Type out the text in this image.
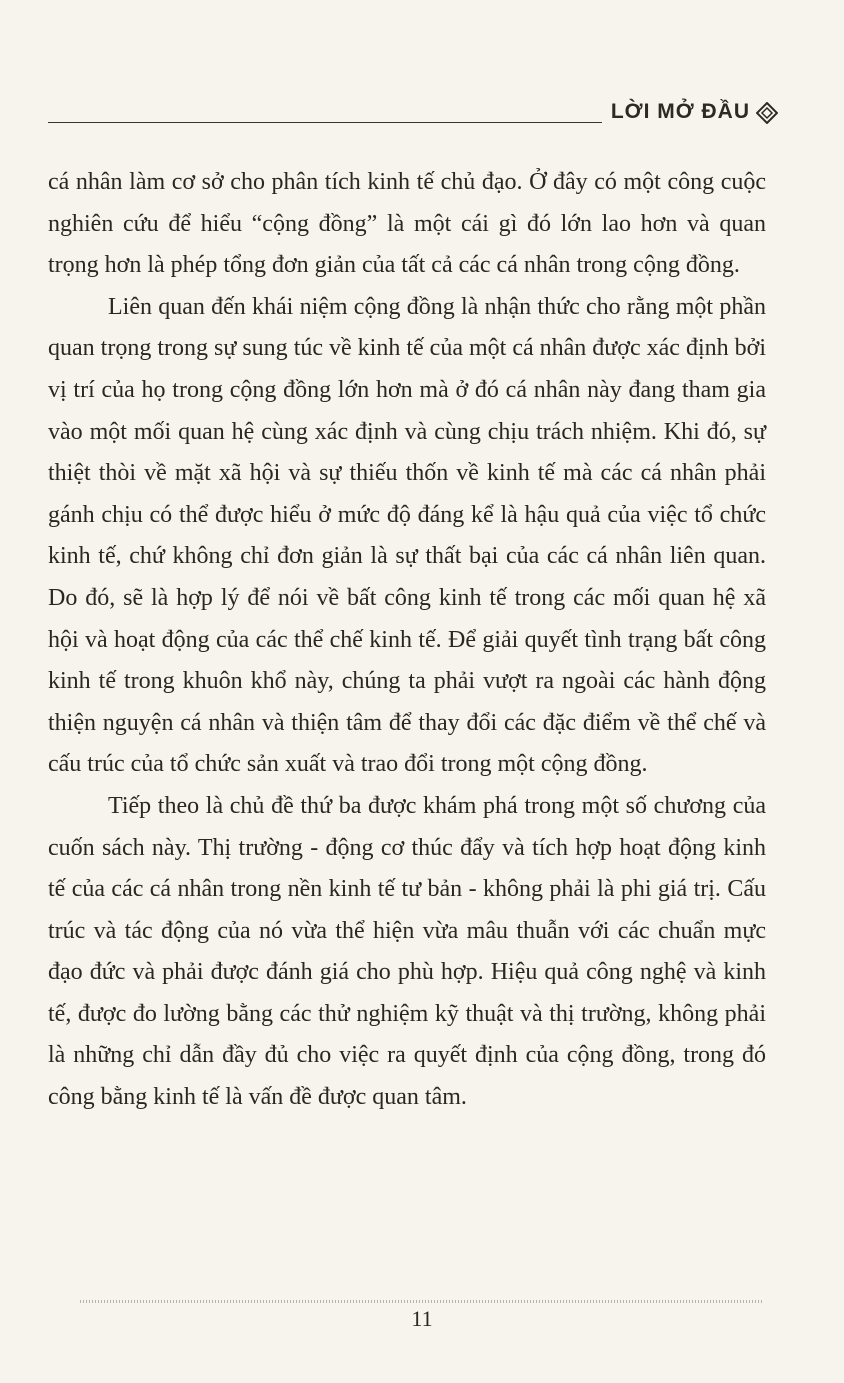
LỜI MỞ ĐẦU

cá nhân làm cơ sở cho phân tích kinh tế chủ đạo. Ở đây có một công cuộc nghiên cứu để hiểu “cộng đồng” là một cái gì đó lớn lao hơn và quan trọng hơn là phép tổng đơn giản của tất cả các cá nhân trong cộng đồng.

Liên quan đến khái niệm cộng đồng là nhận thức cho rằng một phần quan trọng trong sự sung túc về kinh tế của một cá nhân được xác định bởi vị trí của họ trong cộng đồng lớn hơn mà ở đó cá nhân này đang tham gia vào một mối quan hệ cùng xác định và cùng chịu trách nhiệm. Khi đó, sự thiệt thòi về mặt xã hội và sự thiếu thốn về kinh tế mà các cá nhân phải gánh chịu có thể được hiểu ở mức độ đáng kể là hậu quả của việc tổ chức kinh tế, chứ không chỉ đơn giản là sự thất bại của các cá nhân liên quan. Do đó, sẽ là hợp lý để nói về bất công kinh tế trong các mối quan hệ xã hội và hoạt động của các thể chế kinh tế. Để giải quyết tình trạng bất công kinh tế trong khuôn khổ này, chúng ta phải vượt ra ngoài các hành động thiện nguyện cá nhân và thiện tâm để thay đổi các đặc điểm về thể chế và cấu trúc của tổ chức sản xuất và trao đổi trong một cộng đồng.

Tiếp theo là chủ đề thứ ba được khám phá trong một số chương của cuốn sách này. Thị trường - động cơ thúc đẩy và tích hợp hoạt động kinh tế của các cá nhân trong nền kinh tế tư bản - không phải là phi giá trị. Cấu trúc và tác động của nó vừa thể hiện vừa mâu thuẫn với các chuẩn mực đạo đức và phải được đánh giá cho phù hợp. Hiệu quả công nghệ và kinh tế, được đo lường bằng các thử nghiệm kỹ thuật và thị trường, không phải là những chỉ dẫn đầy đủ cho việc ra quyết định của cộng đồng, trong đó công bằng kinh tế là vấn đề được quan tâm.

11
